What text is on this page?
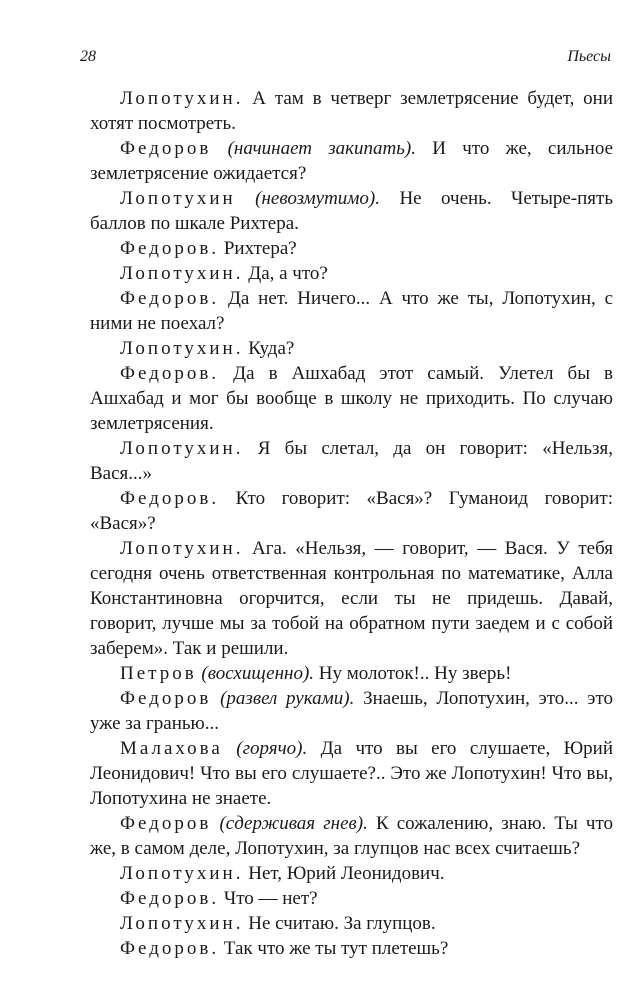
28	Пьесы

Лопотухин. А там в четверг землетрясение будет, они хотят посмотреть.

Федоров (начинает закипать). И что же, сильное землетрясение ожидается?

Лопотухин (невозмутимо). Не очень. Четыре-пять баллов по шкале Рихтера.

Федоров. Рихтера?

Лопотухин. Да, а что?

Федоров. Да нет. Ничего... А что же ты, Лопотухин, с ними не поехал?

Лопотухин. Куда?

Федоров. Да в Ашхабад этот самый. Улетел бы в Ашхабад и мог бы вообще в школу не приходить. По случаю землетрясения.

Лопотухин. Я бы слетал, да он говорит: «Нельзя, Вася...»

Федоров. Кто говорит: «Вася»? Гуманоид говорит: «Вася»?

Лопотухин. Ага. «Нельзя, — говорит, — Вася. У тебя сегодня очень ответственная контрольная по математике, Алла Константиновна огорчится, если ты не придешь. Давай, говорит, лучше мы за тобой на обратном пути заедем и с собой заберем». Так и решили.

Петров (восхищенно). Ну молоток!.. Ну зверь!

Федоров (развел руками). Знаешь, Лопотухин, это... это уже за гранью...

Малахова (горячо). Да что вы его слушаете, Юрий Леонидович! Что вы его слушаете?.. Это же Лопотухин! Что вы, Лопотухина не знаете.

Федоров (сдерживая гнев). К сожалению, знаю. Ты что же, в самом деле, Лопотухин, за глупцов нас всех считаешь?

Лопотухин. Нет, Юрий Леонидович.

Федоров. Что — нет?

Лопотухин. Не считаю. За глупцов.

Федоров. Так что же ты тут плетешь?
